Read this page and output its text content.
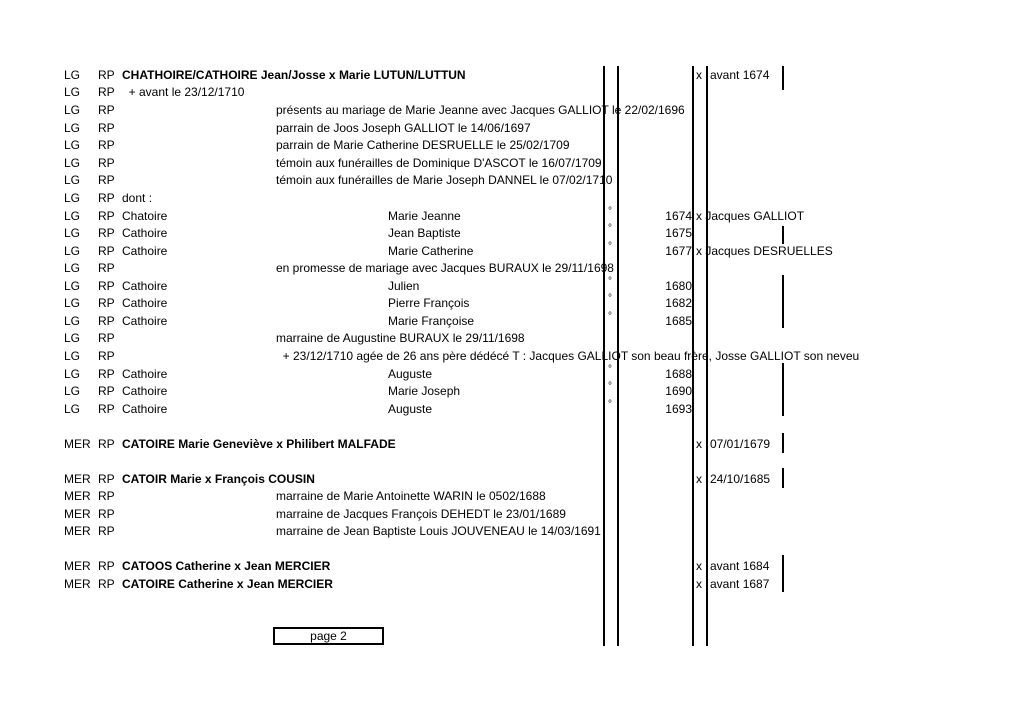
LG RP CHATHOIRE/CATHOIRE Jean/Josse x Marie LUTUN/LUTTUN	x avant 1674
LG RP + avant le 23/12/1710
LG RP	présents au mariage de Marie Jeanne avec Jacques GALLIOT le 22/02/1696
LG RP	parrain de Joos Joseph GALLIOT le 14/06/1697
LG RP	parrain de Marie Catherine DESRUELLE le 25/02/1709
LG RP	témoin aux funérailles de Dominique D'ASCOT le 16/07/1709
LG RP	témoin aux funérailles de Marie Joseph DANNEL le 07/02/1710
LG RP dont :
LG RP Chatoire	Marie Jeanne	°	1674 x Jacques GALLIOT
LG RP Cathoire	Jean Baptiste	°	1675
LG RP Cathoire	Marie Catherine	°	1677 x Jacques DESRUELLES
LG RP	en promesse de mariage avec Jacques BURAUX le 29/11/1698
LG RP Cathoire	Julien	°	1680
LG RP Cathoire	Pierre François	°	1682
LG RP Cathoire	Marie Françoise	°	1685
LG RP	marraine de Augustine BURAUX le 29/11/1698
LG RP	+ 23/12/1710 agée de 26 ans père dédécé T : Jacques GALLIOT son beau frère, Josse GALLIOT son neveu
LG RP Cathoire	Auguste	°	1688
LG RP Cathoire	Marie Joseph	°	1690
LG RP Cathoire	Auguste	°	1693
MER RP CATOIRE Marie Geneviève x Philibert MALFADE	x 07/01/1679
MER RP CATOIR Marie x François COUSIN	x 24/10/1685
MER RP	marraine de Marie Antoinette WARIN le 0502/1688
MER RP	marraine de Jacques François DEHEDT le 23/01/1689
MER RP	marraine de Jean Baptiste Louis JOUVENEAU le 14/03/1691
MER RP CATOOS Catherine x Jean MERCIER	x avant 1684
MER RP CATOIRE Catherine x Jean MERCIER	x avant 1687
page 2
